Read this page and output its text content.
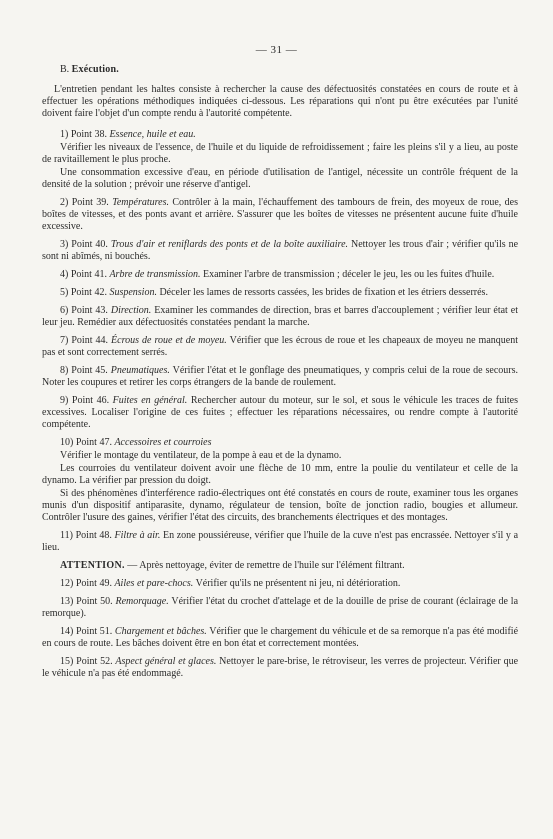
— 31 —
B. Exécution.

L'entretien pendant les haltes consiste à rechercher la cause des défectuosités constatées en cours de route et à effectuer les opérations méthodiques indiquées ci-dessous. Les réparations qui n'ont pu être exécutées par l'unité doivent faire l'objet d'un compte rendu à l'autorité compétente.

1) Point 38. Essence, huile et eau.

Vérifier les niveaux de l'essence, de l'huile et du liquide de refroidissement ; faire les pleins s'il y a lieu, au poste de ravitaillement le plus proche.

Une consommation excessive d'eau, en période d'utilisation de l'antigel, nécessite un contrôle fréquent de la densité de la solution ; prévoir une réserve d'antigel.

2) Point 39. Températures. Contrôler à la main, l'échauffement des tambours de frein, des moyeux de roue, des boîtes de vitesses, et des ponts avant et arrière. S'assurer que les boîtes de vitesses ne présentent aucune fuite d'huile excessive.

3) Point 40. Trous d'air et reniflards des ponts et de la boîte auxiliaire. Nettoyer les trous d'air ; vérifier qu'ils ne sont ni abîmés, ni bouchés.

4) Point 41. Arbre de transmission. Examiner l'arbre de transmission ; déceler le jeu, les ou les fuites d'huile.

5) Point 42. Suspension. Déceler les lames de ressorts cassées, les brides de fixation et les étriers desserrés.

6) Point 43. Direction. Examiner les commandes de direction, bras et barres d'accouplement ; vérifier leur état et leur jeu. Remédier aux défectuosités constatées pendant la marche.

7) Point 44. Écrous de roue et de moyeu. Vérifier que les écrous de roue et les chapeaux de moyeu ne manquent pas et sont correctement serrés.

8) Point 45. Pneumatiques. Vérifier l'état et le gonflage des pneumatiques, y compris celui de la roue de secours. Noter les coupures et retirer les corps étrangers de la bande de roulement.

9) Point 46. Fuites en général. Rechercher autour du moteur, sur le sol, et sous le véhicule les traces de fuites excessives. Localiser l'origine de ces fuites ; effectuer les réparations nécessaires, ou rendre compte à l'autorité compétente.

10) Point 47. Accessoires et courroies

Vérifier le montage du ventilateur, de la pompe à eau et de la dynamo.

Les courroies du ventilateur doivent avoir une flèche de 10 mm, entre la poulie du ventilateur et celle de la dynamo. La vérifier par pression du doigt.

Si des phénomènes d'interférence radio-électriques ont été constatés en cours de route, examiner tous les organes munis d'un dispositif antiparasite, dynamo, régulateur de tension, boîte de jonction radio, bougies et allumeur. Contrôler l'usure des gaines, vérifier l'état des circuits, des branchements électriques et des montages.

11) Point 48. Filtre à air. En zone poussiéreuse, vérifier que l'huile de la cuve n'est pas encrassée. Nettoyer s'il y a lieu.

ATTENTION. — Après nettoyage, éviter de remettre de l'huile sur l'élément filtrant.

12) Point 49. Ailes et pare-chocs. Vérifier qu'ils ne présentent ni jeu, ni détérioration.

13) Point 50. Remorquage. Vérifier l'état du crochet d'attelage et de la douille de prise de courant (éclairage de la remorque).

14) Point 51. Chargement et bâches. Vérifier que le chargement du véhicule et de sa remorque n'a pas été modifié en cours de route. Les bâches doivent être en bon état et correctement montées.

15) Point 52. Aspect général et glaces. Nettoyer le pare-brise, le rétroviseur, les verres de projecteur. Vérifier que le véhicule n'a pas été endommagé.
